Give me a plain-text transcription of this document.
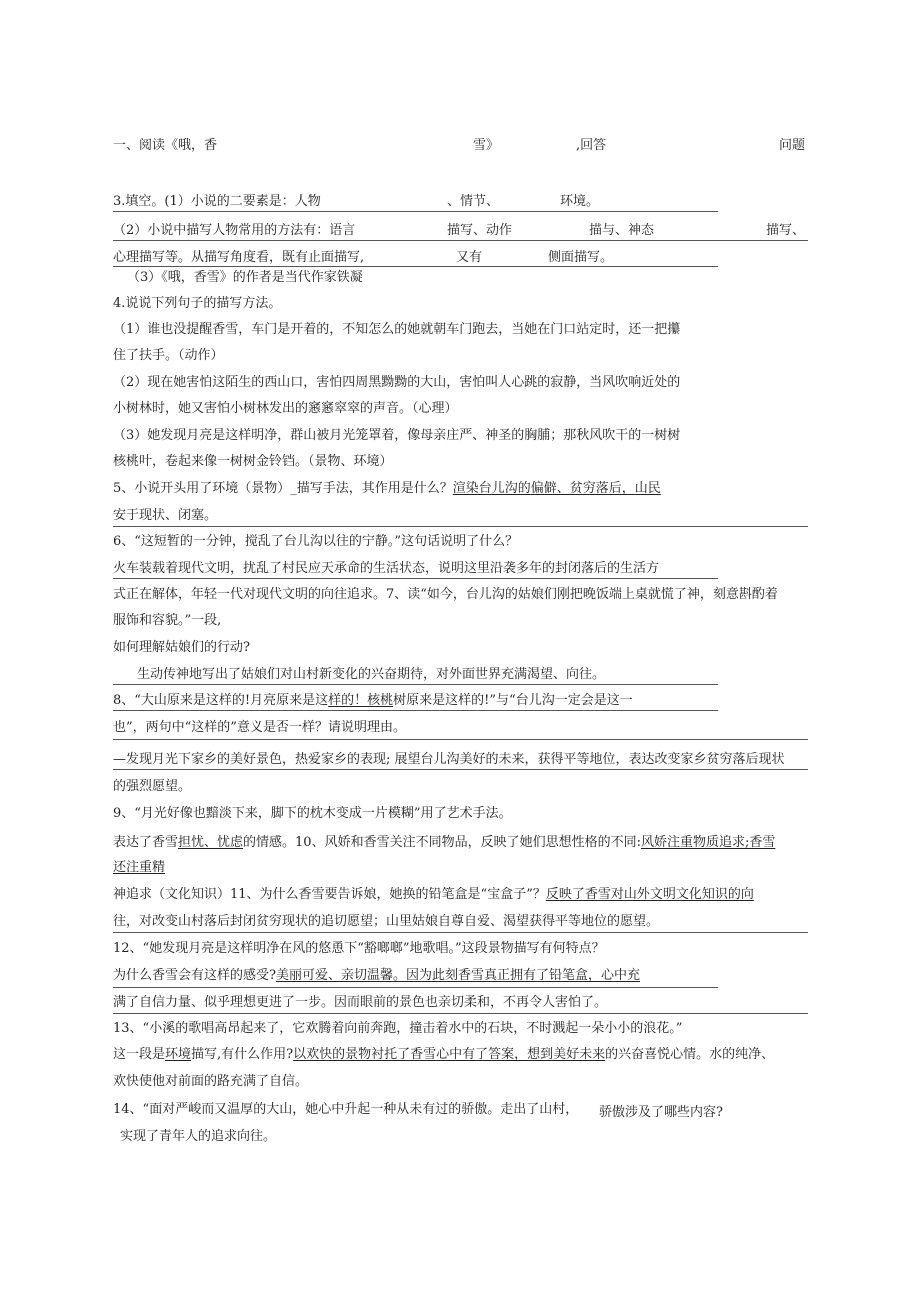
一、阅读《哦，香	雪》	,回答	问题
3.填空。(1）小说的二要素是：人物	、情节、	环境。
（2）小说中描写人物常用的方法有：语言	描写、动作	描与、神态	描写、
心理描写等。从描写角度看，既有止面描写,	又有	侧面描写。
（3）《哦，香雪》的作者是当代作家铁凝
4.说说下列句子的描写方法。
（1）谁也没提醒香雪，车门是开着的，不知怎么的她就朝车门跑去，当她在门口站定时，还一把攥
住了扶手。（动作）
（2）现在她害怕这陌生的西山口，害怕四周黑黝黝的大山，害怕叫人心跳的寂静，当风吹响近处的
小树林时，她又害怕小树林发出的窸窸窣窣的声音。（心理）
（3）她发现月亮是这样明净，群山被月光笼罩着，像母亲庄严、神圣的胸脯；那秋风吹干的一树树
核桃叶，卷起来像一树树金铃铛。（景物、环境）
5、小说开头用了环境（景物）_描写手法，其作用是什么？渲染台儿沟的偏僻、贫穷落后，山民
安于现状、闭塞。
6、“这短暂的一分钟，搅乱了台儿沟以往的宁静。”这句话说明了什么？
火车装载着现代文明，扰乱了村民应天承命的生活状态，说明这里沿袭多年的封闭落后的生活方
式正在解体，年轻一代对现代文明的向往追求。7、读“如今，台儿沟的姑娘们刚把晚饭端上桌就慌了神，刻意斟酌着
服饰和容貌。”一段,
如何理解姑娘们的行动?
生动传神地写出了姑娘们对山村新变化的兴奋期待，对外面世界充满渴望、向往。
8、“大山原来是这样的!月亮原来是这样的！核桃树原来是这样的!”与“台儿沟一定会是这一
也”，两句中“这样的”意义是否一样？请说明理由。
—发现月光下家乡的美好景色，热爱家乡的表现; 展望台儿沟美好的未来，获得平等地位，表达改变家乡贫穷落后现状
的强烈愿望。
9、“月光好像也黯淡下来，脚下的枕木变成一片模糊”用了艺术手法。
表达了香雪担忧、忧虑的情感。10、风娇和香雪关注不同物品，反映了她们思想性格的不同:风娇注重物质追求;香雪
还注重精
神追求（文化知识）11、为什么香雪要告诉娘，她换的铅笔盒是“宝盒子”？反映了香雪对山外文明文化知识的向
往，对改变山村落后封闭贫穷现状的追切愿望；山里姑娘自尊自爱、渴望获得平等地位的愿望。
12、“她发现月亮是这样明净在风的悠恿下“豁啷啷”地歌唱。”这段景物描写有何特点？
为什么香雪会有这样的感受?美丽可爱、亲切温馨。因为此刻香雪真正拥有了铅笔盒，心中充
满了自信力量、似乎理想更进了一步。因而眼前的景色也亲切柔和，不再令人害怕了。
13、“小溪的歌唱高昂起来了，它欢腾着向前奔跑，撞击着水中的石块，不时溅起一朵小小的浪花。”
这一段是环境描写,有什么作用?以欢快的景物衬托了香雪心中有了答案，想到美好未来的兴奋喜悦心情。水的纯净、
欢快使他对前面的路充满了自信。
14、“面对严峻而又温厚的大山，她心中升起一种从未有过的骄傲。走出了山村， 骄傲涉及了哪些内容?
实现了青年人的追求向往。
